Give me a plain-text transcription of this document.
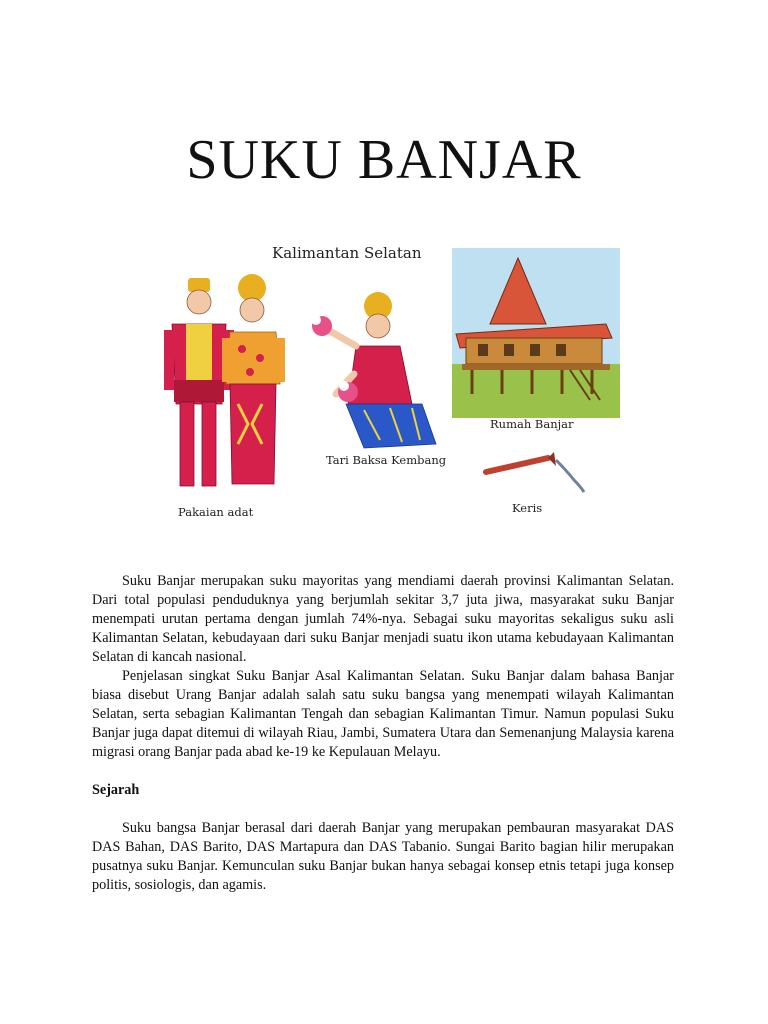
SUKU BANJAR
Kalimantan Selatan
Pakaian adat
Tari Baksa Kembang
Rumah Banjar
Keris

Suku Banjar merupakan suku mayoritas yang mendiami daerah provinsi Kalimantan Selatan. Dari total populasi penduduknya yang berjumlah sekitar 3,7 juta jiwa, masyarakat suku Banjar menempati urutan pertama dengan jumlah 74%-nya. Sebagai suku mayoritas sekaligus suku asli Kalimantan Selatan, kebudayaan dari suku Banjar menjadi suatu ikon utama kebudayaan Kalimantan Selatan di kancah nasional.

Penjelasan singkat Suku Banjar Asal Kalimantan Selatan. Suku Banjar dalam bahasa Banjar biasa disebut Urang Banjar adalah salah satu suku bangsa yang menempati wilayah Kalimantan Selatan, serta sebagian Kalimantan Tengah dan sebagian Kalimantan Timur. Namun populasi Suku Banjar juga dapat ditemui di wilayah Riau, Jambi, Sumatera Utara dan Semenanjung Malaysia karena migrasi orang Banjar pada abad ke-19 ke Kepulauan Melayu.

Sejarah

Suku bangsa Banjar berasal dari daerah Banjar yang merupakan pembauran masyarakat DAS DAS Bahan, DAS Barito, DAS Martapura dan DAS Tabanio. Sungai Barito bagian hilir merupakan pusatnya suku Banjar. Kemunculan suku Banjar bukan hanya sebagai konsep etnis tetapi juga konsep politis, sosiologis, dan agamis.
